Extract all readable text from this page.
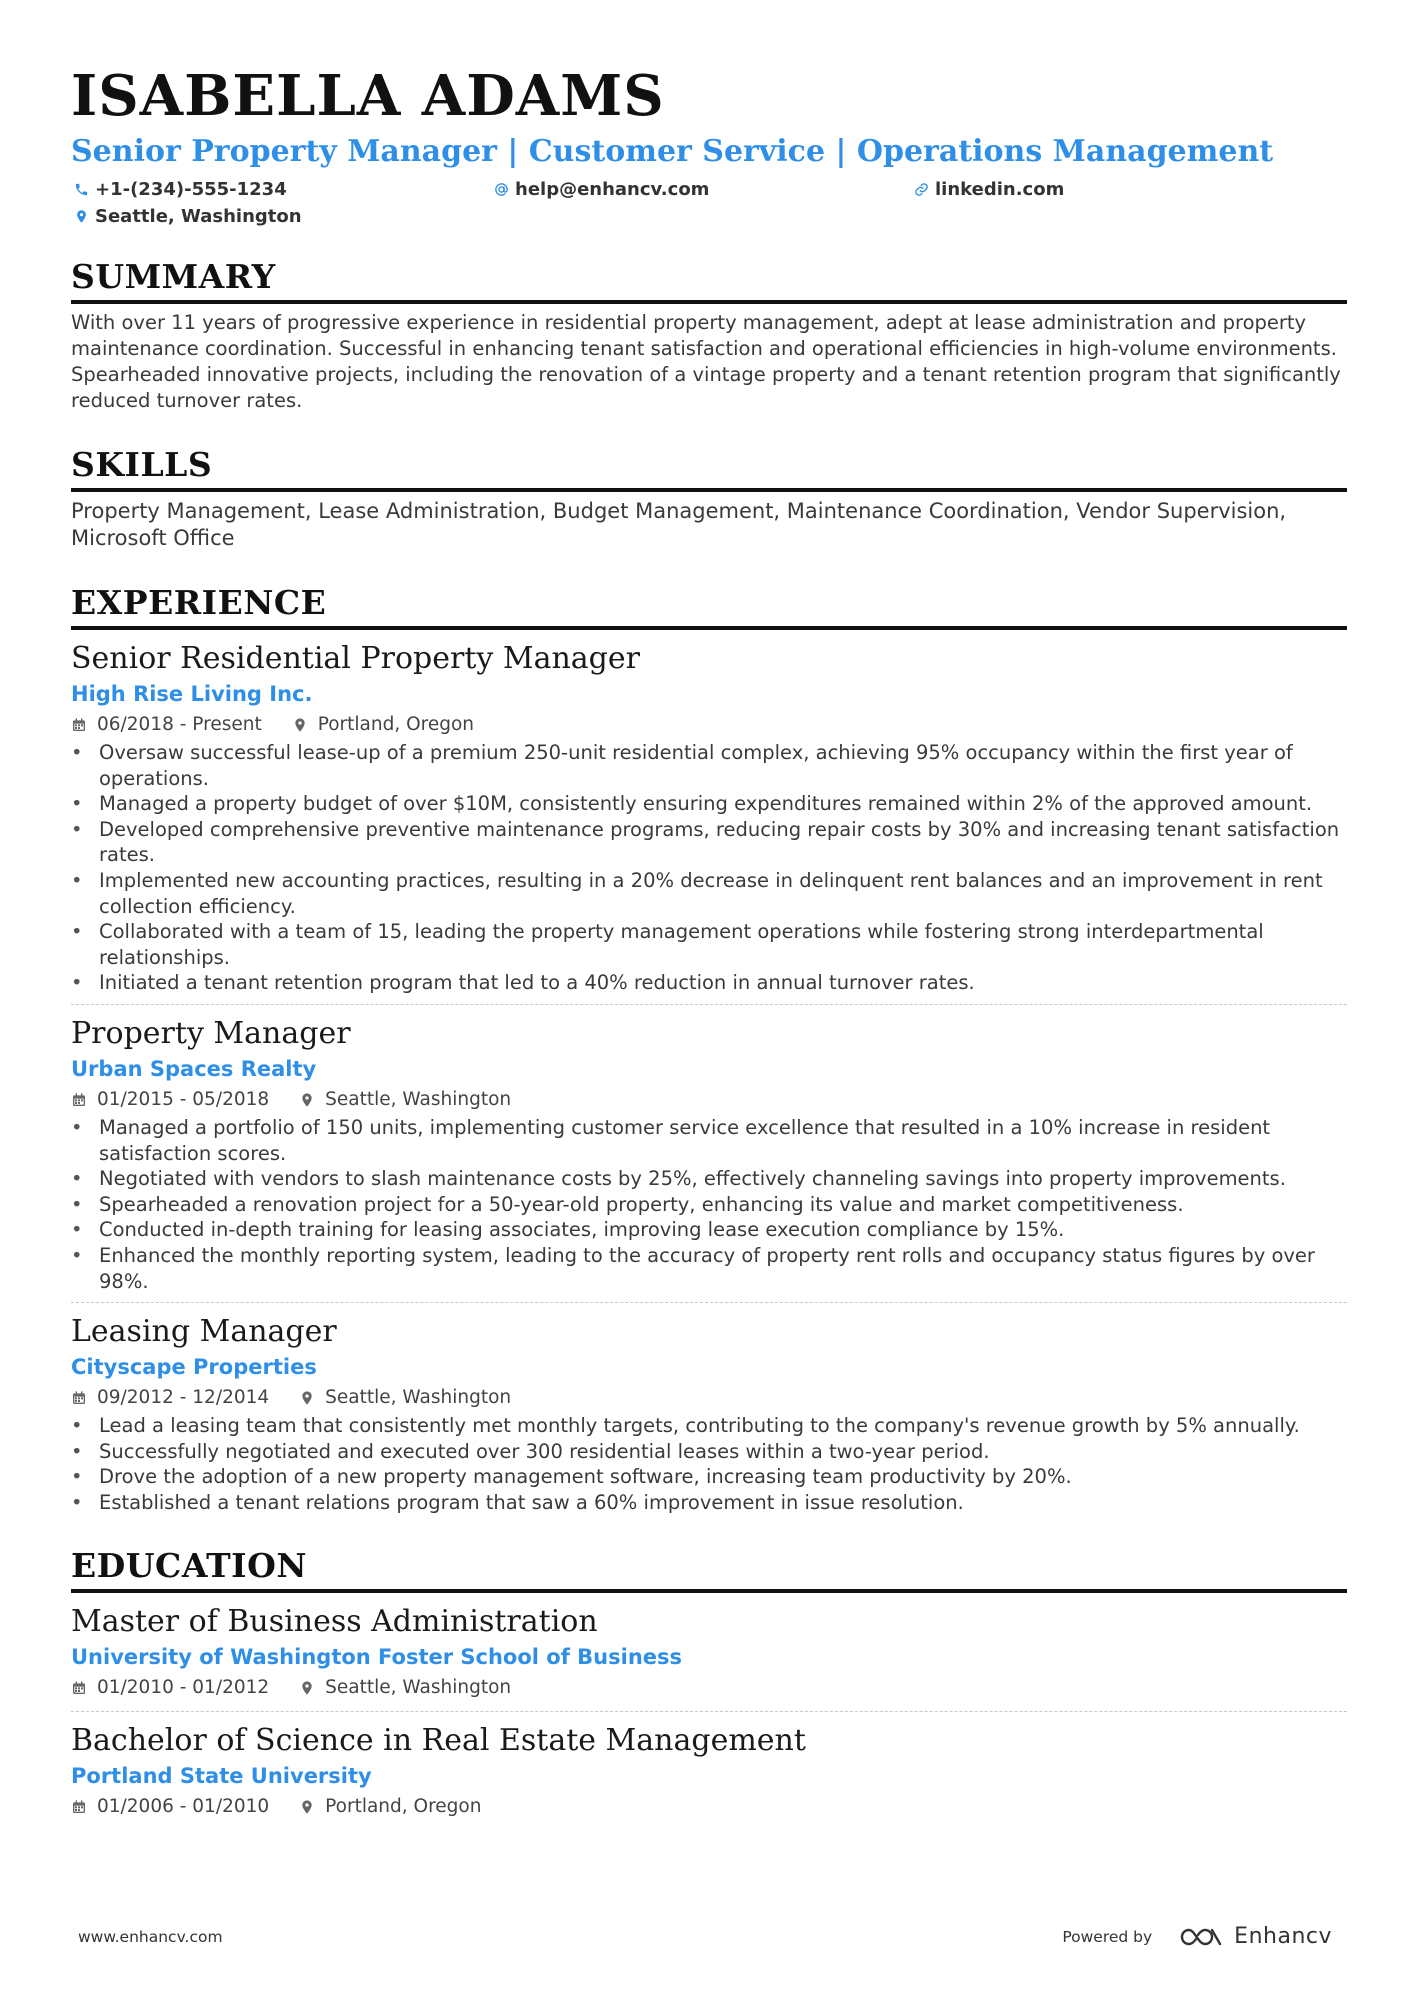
ISABELLA ADAMS
Senior Property Manager | Customer Service | Operations Management
+1-(234)-555-1234	help@enhancv.com	linkedin.com
Seattle, Washington
SUMMARY
With over 11 years of progressive experience in residential property management, adept at lease administration and property maintenance coordination. Successful in enhancing tenant satisfaction and operational efficiencies in high-volume environments. Spearheaded innovative projects, including the renovation of a vintage property and a tenant retention program that significantly reduced turnover rates.
SKILLS
Property Management, Lease Administration, Budget Management, Maintenance Coordination, Vendor Supervision, Microsoft Office
EXPERIENCE
Senior Residential Property Manager
High Rise Living Inc.
06/2018 - Present	Portland, Oregon
• Oversaw successful lease-up of a premium 250-unit residential complex, achieving 95% occupancy within the first year of operations.
• Managed a property budget of over $10M, consistently ensuring expenditures remained within 2% of the approved amount.
• Developed comprehensive preventive maintenance programs, reducing repair costs by 30% and increasing tenant satisfaction rates.
• Implemented new accounting practices, resulting in a 20% decrease in delinquent rent balances and an improvement in rent collection efficiency.
• Collaborated with a team of 15, leading the property management operations while fostering strong interdepartmental relationships.
• Initiated a tenant retention program that led to a 40% reduction in annual turnover rates.
Property Manager
Urban Spaces Realty
01/2015 - 05/2018	Seattle, Washington
• Managed a portfolio of 150 units, implementing customer service excellence that resulted in a 10% increase in resident satisfaction scores.
• Negotiated with vendors to slash maintenance costs by 25%, effectively channeling savings into property improvements.
• Spearheaded a renovation project for a 50-year-old property, enhancing its value and market competitiveness.
• Conducted in-depth training for leasing associates, improving lease execution compliance by 15%.
• Enhanced the monthly reporting system, leading to the accuracy of property rent rolls and occupancy status figures by over 98%.
Leasing Manager
Cityscape Properties
09/2012 - 12/2014	Seattle, Washington
• Lead a leasing team that consistently met monthly targets, contributing to the company's revenue growth by 5% annually.
• Successfully negotiated and executed over 300 residential leases within a two-year period.
• Drove the adoption of a new property management software, increasing team productivity by 20%.
• Established a tenant relations program that saw a 60% improvement in issue resolution.
EDUCATION
Master of Business Administration
University of Washington Foster School of Business
01/2010 - 01/2012	Seattle, Washington
Bachelor of Science in Real Estate Management
Portland State University
01/2006 - 01/2010	Portland, Oregon
www.enhancv.com	Powered by	Enhancv
